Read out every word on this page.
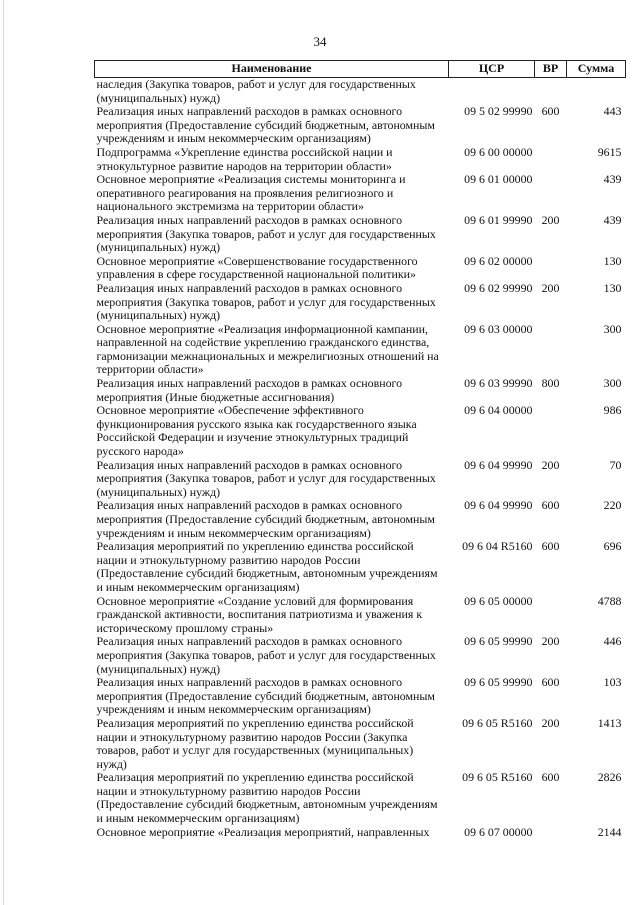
34
Наименование	ЦСР	ВР	Сумма
наследия (Закупка товаров, работ и услуг для государственных (муниципальных) нужд)			
Реализация иных направлений расходов в рамках основного мероприятия (Предоставление субсидий бюджетным, автономным учреждениям и иным некоммерческим организациям)	09 5 02 99990	600	443
Подпрограмма «Укрепление единства российской нации и этнокультурное развитие народов на территории области»	09 6 00 00000		9615
Основное мероприятие «Реализация системы мониторинга и оперативного реагирования на проявления религиозного и национального экстремизма на территории области»	09 6 01 00000		439
Реализация иных направлений расходов в рамках основного мероприятия (Закупка товаров, работ и услуг для государственных (муниципальных) нужд)	09 6 01 99990	200	439
Основное мероприятие «Совершенствование государственного управления в сфере государственной национальной политики»	09 6 02 00000		130
Реализация иных направлений расходов в рамках основного мероприятия (Закупка товаров, работ и услуг для государственных (муниципальных) нужд)	09 6 02 99990	200	130
Основное мероприятие «Реализация информационной кампании, направленной на содействие укреплению гражданского единства, гармонизации межнациональных и межрелигиозных отношений на территории области»	09 6 03 00000		300
Реализация иных направлений расходов в рамках основного мероприятия (Иные бюджетные ассигнования)	09 6 03 99990	800	300
Основное мероприятие «Обеспечение эффективного функционирования русского языка как государственного языка Российской Федерации и изучение этнокультурных традиций русского народа»	09 6 04 00000		986
Реализация иных направлений расходов в рамках основного мероприятия (Закупка товаров, работ и услуг для государственных (муниципальных) нужд)	09 6 04 99990	200	70
Реализация иных направлений расходов в рамках основного мероприятия (Предоставление субсидий бюджетным, автономным учреждениям и иным некоммерческим организациям)	09 6 04 99990	600	220
Реализация мероприятий по укреплению единства российской нации и этнокультурному развитию народов России (Предоставление субсидий бюджетным, автономным учреждениям и иным некоммерческим организациям)	09 6 04 R5160	600	696
Основное мероприятие «Создание условий для формирования гражданской активности, воспитания патриотизма и уважения к историческому прошлому страны»	09 6 05 00000		4788
Реализация иных направлений расходов в рамках основного мероприятия (Закупка товаров, работ и услуг для государственных (муниципальных) нужд)	09 6 05 99990	200	446
Реализация иных направлений расходов в рамках основного мероприятия (Предоставление субсидий бюджетным, автономным учреждениям и иным некоммерческим организациям)	09 6 05 99990	600	103
Реализация мероприятий по укреплению единства российской нации и этнокультурному развитию народов России (Закупка товаров, работ и услуг для государственных (муниципальных) нужд)	09 6 05 R5160	200	1413
Реализация мероприятий по укреплению единства российской нации и этнокультурному развитию народов России (Предоставление субсидий бюджетным, автономным учреждениям и иным некоммерческим организациям)	09 6 05 R5160	600	2826
Основное мероприятие «Реализация мероприятий, направленных	09 6 07 00000		2144
